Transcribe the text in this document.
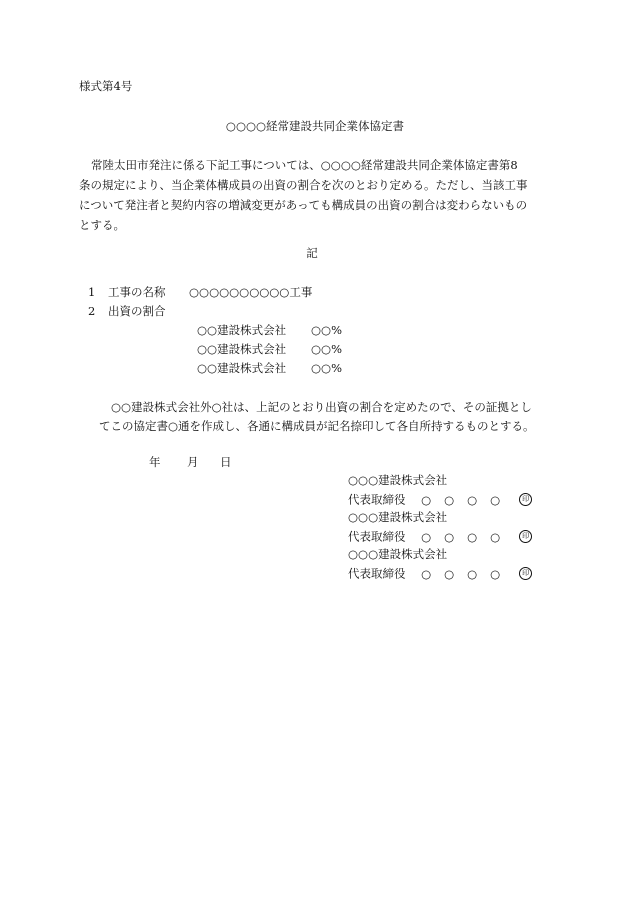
様式第4号
○○○○経常建設共同企業体協定書
常陸太田市発注に係る下記工事については、○○○○経常建設共同企業体協定書第8
条の規定により、当企業体構成員の出資の割合を次のとおり定める。ただし、当該工事
について発注者と契約内容の増減変更があっても構成員の出資の割合は変わらないもの
とする。
記
1 工事の名称 ○○○○○○○○○○工事
2 出資の割合
○○建設株式会社 ○○%
○○建設株式会社 ○○%
○○建設株式会社 ○○%
○○建設株式会社外○社は、上記のとおり出資の割合を定めたので、その証拠とし
てこの協定書○通を作成し、各通に構成員が記名捺印して各自所持するものとする。
年 月 日
○○○建設株式会社
代表取締役 ○ ○ ○ ○	印
○○○建設株式会社
代表取締役 ○ ○ ○ ○	印
○○○建設株式会社
代表取締役 ○ ○ ○ ○	印
